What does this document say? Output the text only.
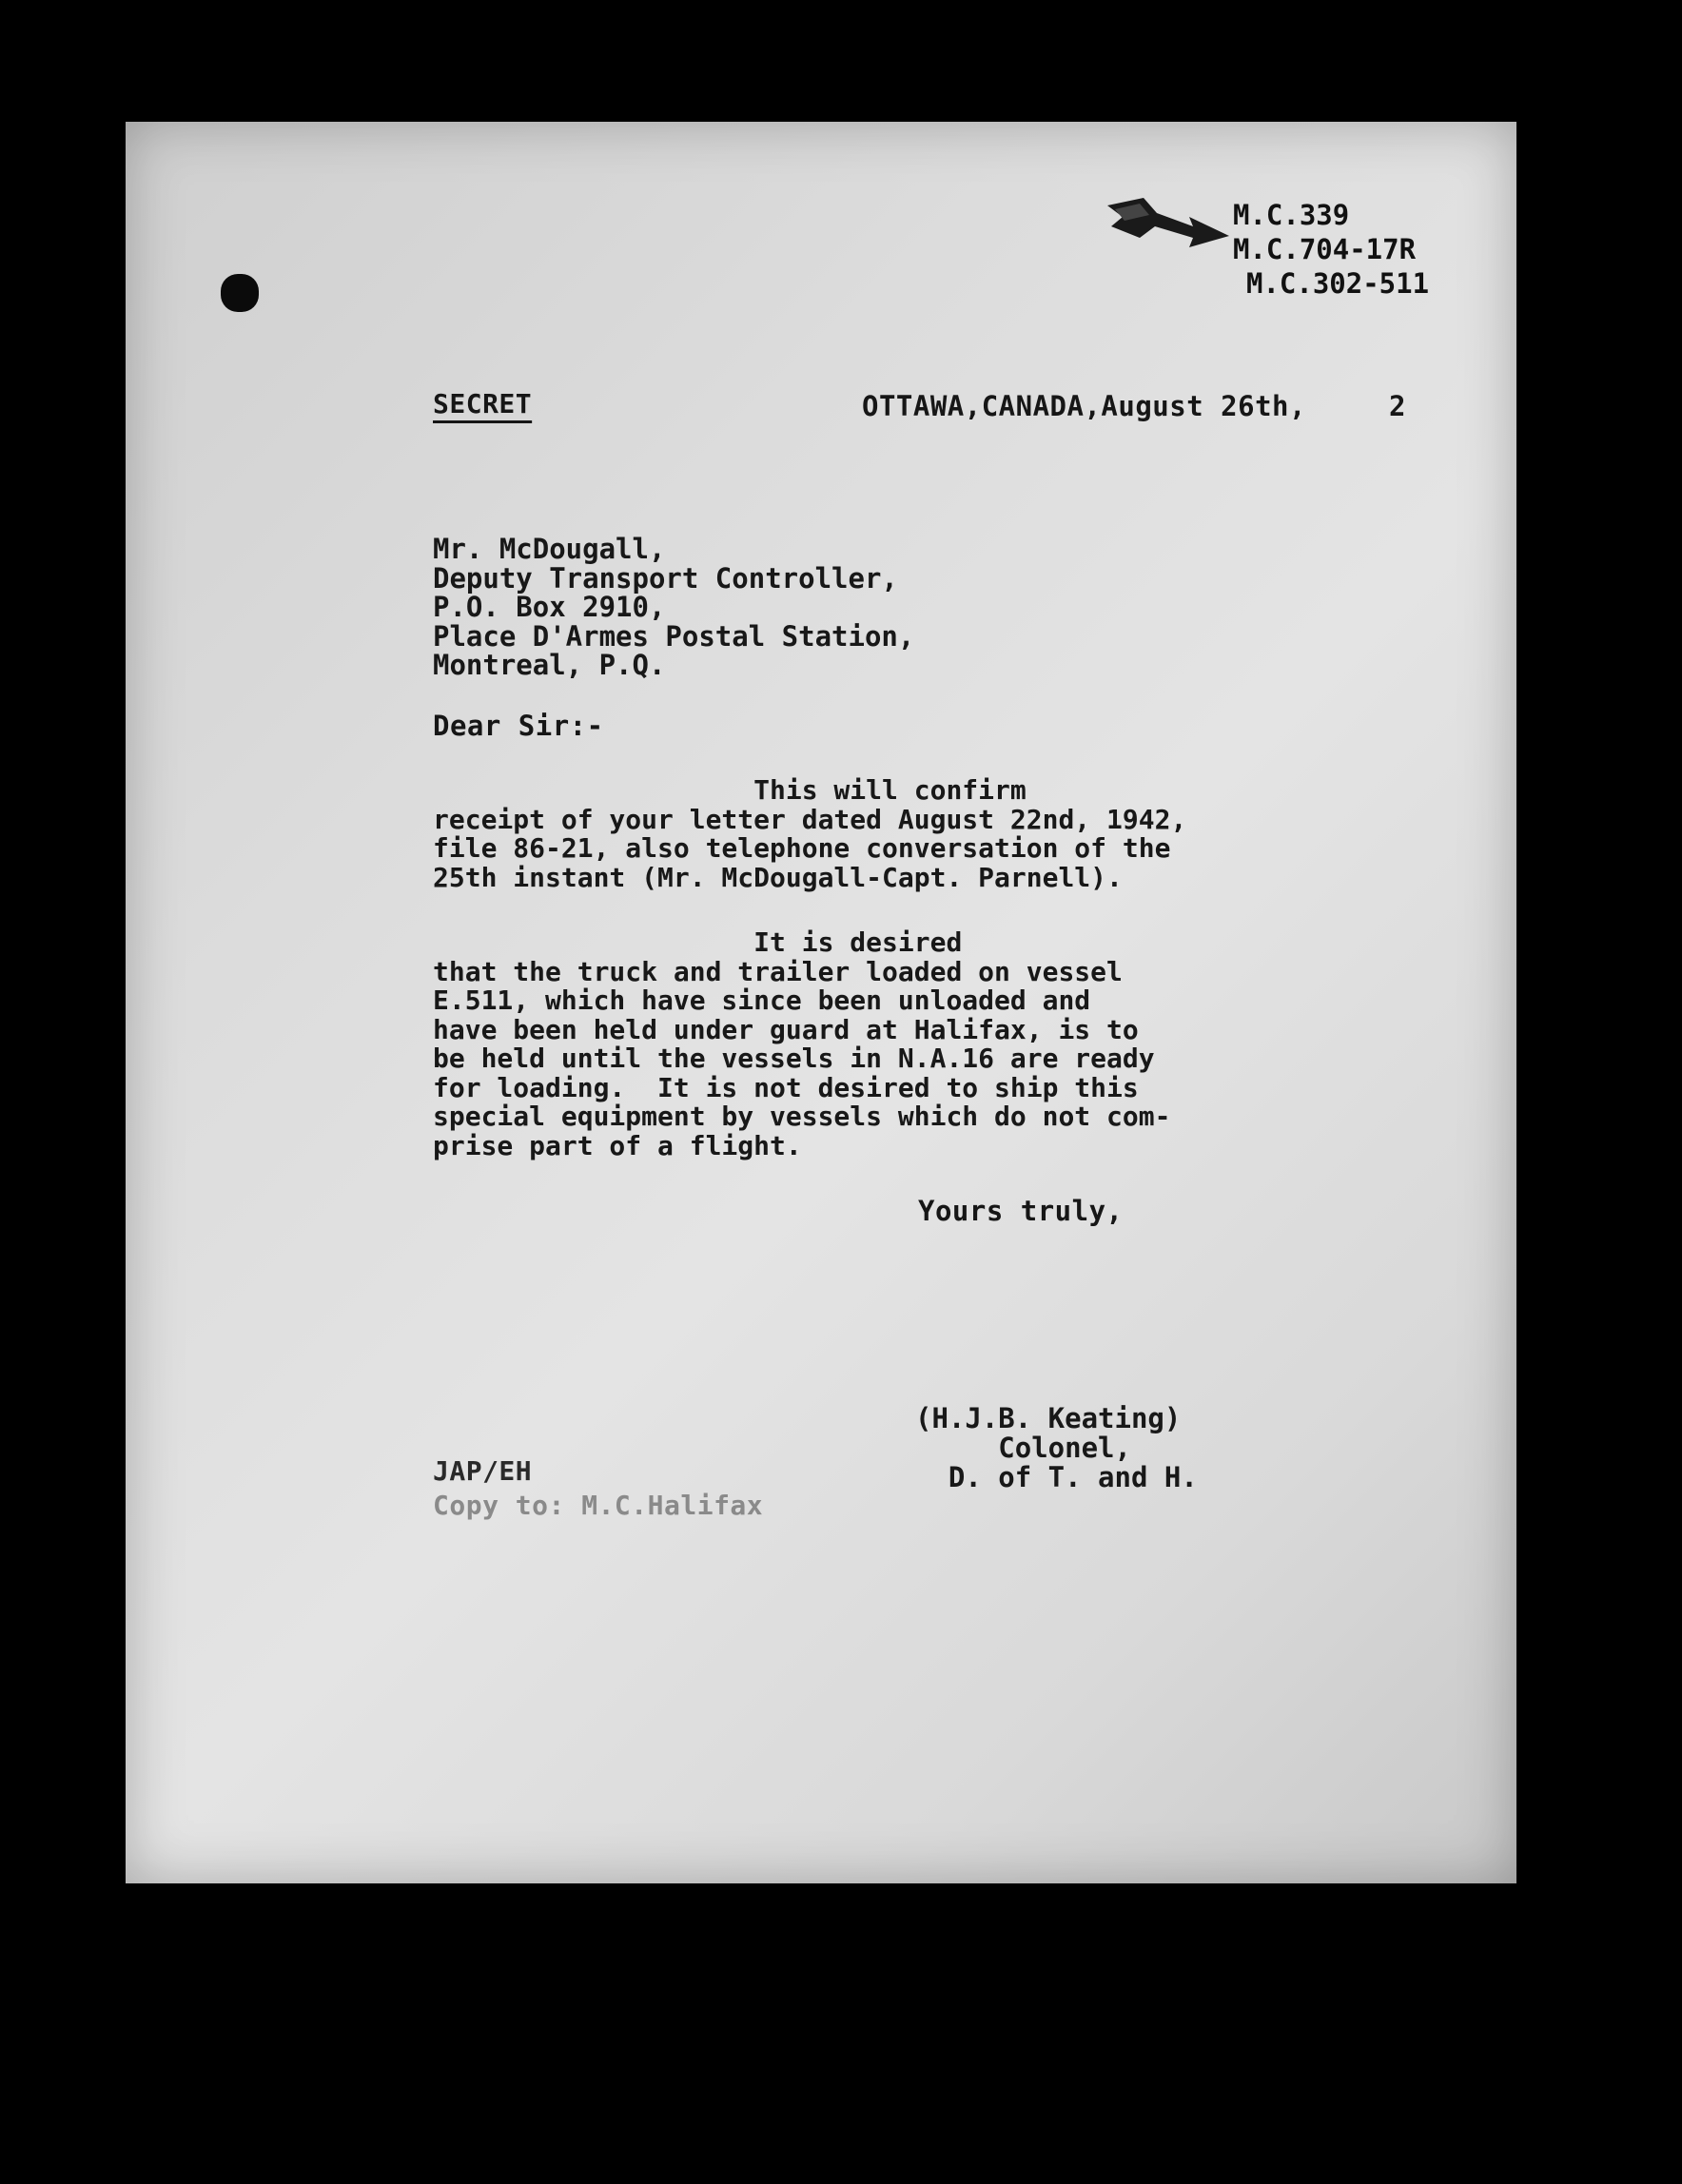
M.C.339
M.C.704-17R
M.C.302-511
SECRET	OTTAWA,CANADA,August 26th,	2
Mr. McDougall,
Deputy Transport Controller,
P.O. Box 2910,
Place D'Armes Postal Station,
Montreal, P.Q.
Dear Sir:-
This will confirm
receipt of your letter dated August 22nd, 1942,
file 86-21, also telephone conversation of the
25th instant (Mr. McDougall-Capt. Parnell).
It is desired
that the truck and trailer loaded on vessel
E.511, which have since been unloaded and
have been held under guard at Halifax, is to
be held until the vessels in N.A.16 are ready
for loading.  It is not desired to ship this
special equipment by vessels which do not com-
prise part of a flight.
Yours truly,
(H.J.B. Keating)
Colonel,
D. of T. and H.
JAP/EH
Copy to: M.C.Halifax
